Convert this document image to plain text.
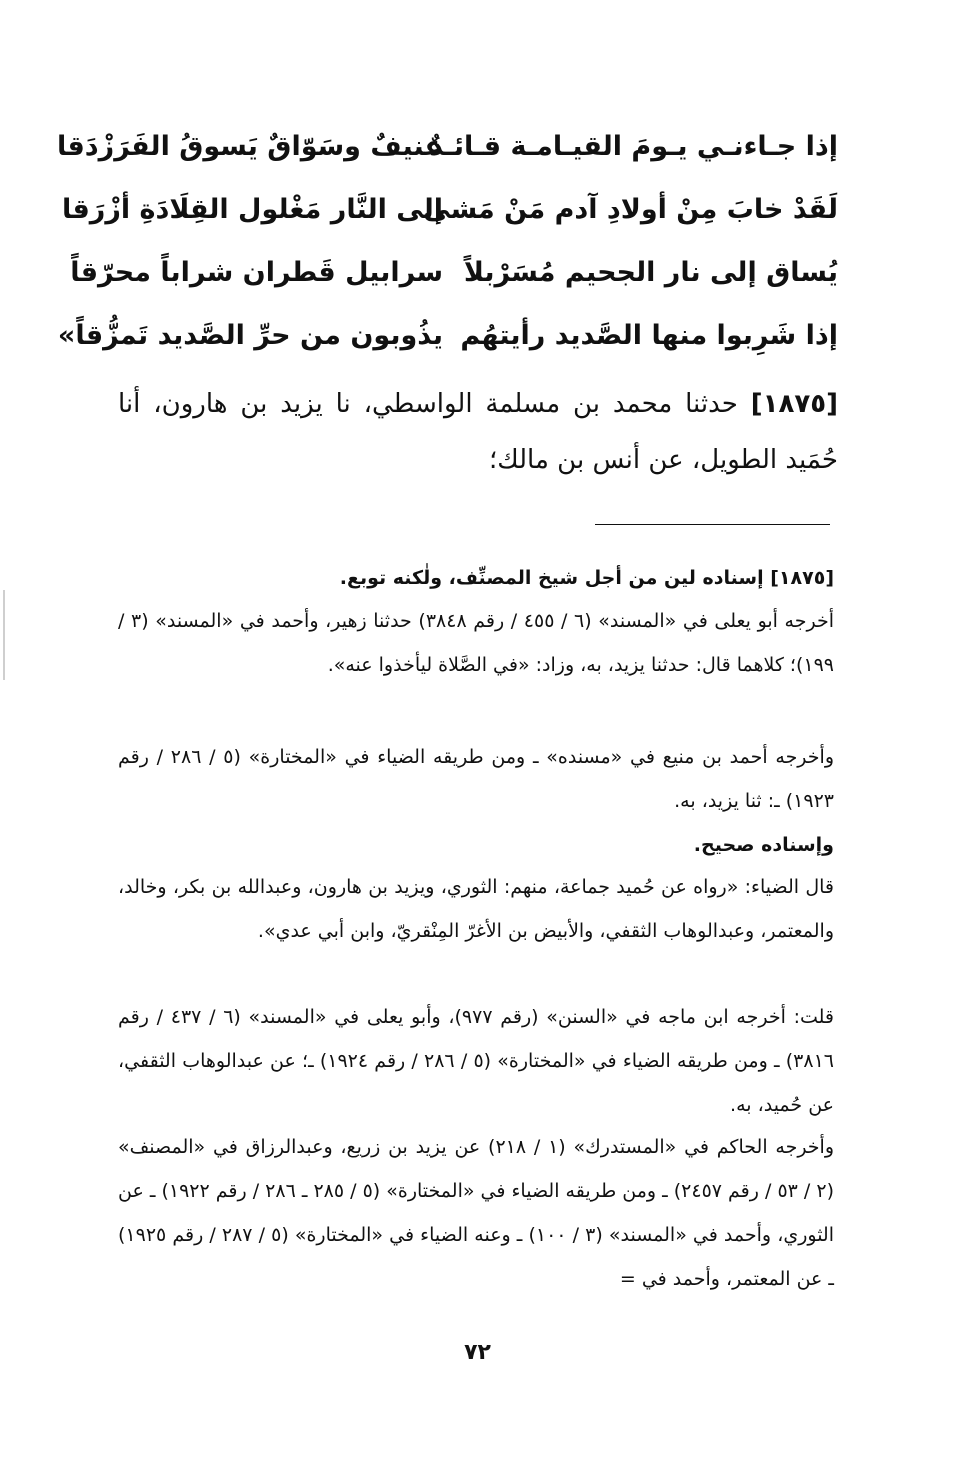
إذا جـاءنـي يـومَ القيـامـة قـائـدٌ
عنيفٌ وسَوّاقٌ يَسوقُ الفَرَزْدَقا
لَقَدْ خابَ مِنْ أولادِ آدم مَنْ مَشى
إلى النَّار مَغْلول القِلَادَةِ أزْرَقا
يُساق إلى نار الجحيم مُسَرْبلاً
سرابيل قَطران شراباً محرّقاً
إذا شَرِبوا منها الصَّديد رأيتهُم
يذُوبون من حرِّ الصَّديد تَمزُّقاً»
[١٨٧٥] حدثنا محمد بن مسلمة الواسطي، نا يزيد بن هارون، أنا حُمَيد الطويل، عن أنس بن مالك؛
[١٨٧٥] إسناده لين من أجل شيخ المصنِّف، ولٰكنه توبع.
أخرجه أبو يعلى في «المسند» (٦ / ٤٥٥ / رقم ٣٨٤٨) حدثنا زهير، وأحمد في «المسند» (٣ / ١٩٩)؛ كلاهما قال: حدثنا يزيد، به، وزاد: «في الصَّلاة ليأخذوا عنه».
وأخرجه أحمد بن منيع في «مسنده» ـ ومن طريقه الضياء في «المختارة» (٥ / ٢٨٦ / رقم ١٩٢٣) ـ: ثنا يزيد، به.
وإسناده صحيح.
قال الضياء: «رواه عن حُميد جماعة، منهم: الثوري، ويزيد بن هارون، وعبدالله بن بكر، وخالد، والمعتمر، وعبدالوهاب الثقفي، والأبيض بن الأغرّ المِنْقريّ، وابن أبي عدي».
قلت: أخرجه ابن ماجه في «السنن» (رقم ٩٧٧)، وأبو يعلى في «المسند» (٦ / ٤٣٧ / رقم ٣٨١٦) ـ ومن طريقه الضياء في «المختارة» (٥ / ٢٨٦ / رقم ١٩٢٤) ـ؛ عن عبدالوهاب الثقفي، عن حُميد، به.
وأخرجه الحاكم في «المستدرك» (١ / ٢١٨) عن يزيد بن زريع، وعبدالرزاق في «المصنف» (٢ / ٥٣ / رقم ٢٤٥٧) ـ ومن طريقه الضياء في «المختارة» (٥ / ٢٨٥ ـ ٢٨٦ / رقم ١٩٢٢) ـ عن الثوري، وأحمد في «المسند» (٣ / ١٠٠) ـ وعنه الضياء في «المختارة» (٥ / ٢٨٧ / رقم ١٩٢٥) ـ عن المعتمر، وأحمد في =
٧٢
